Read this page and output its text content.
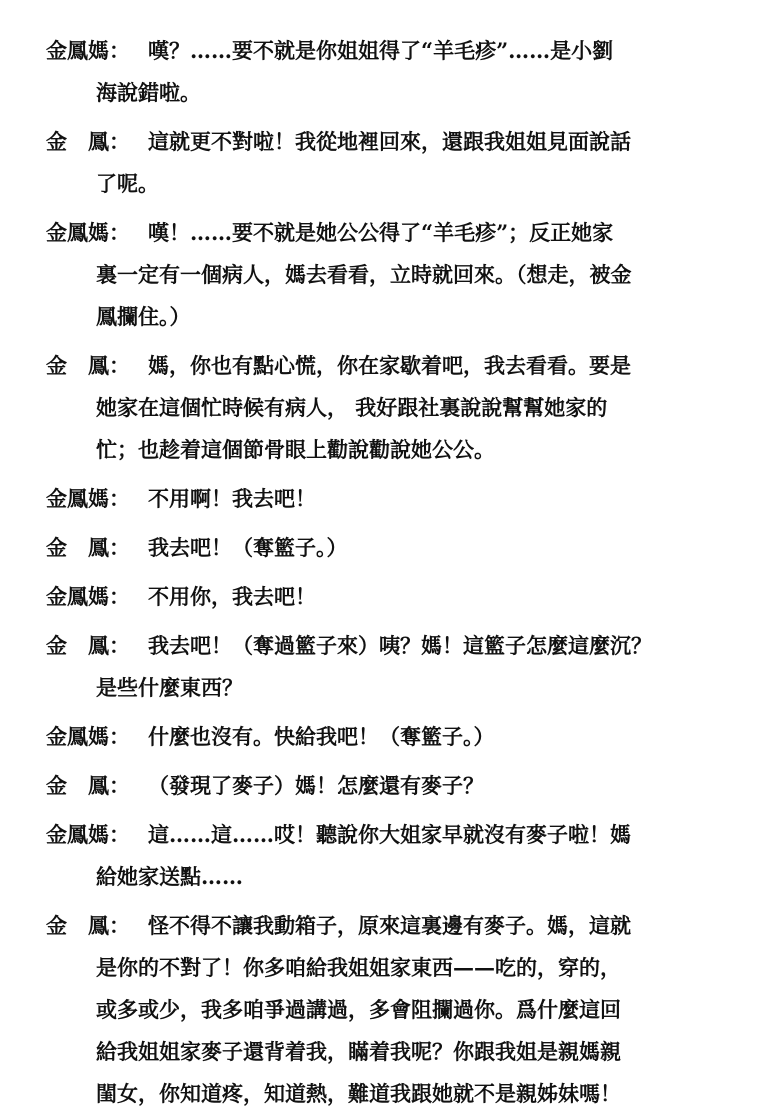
金鳳媽： 嘆？……要不就是你姐姐得了“羊毛疹”……是小劉
海說錯啦。
金　鳳： 這就更不對啦！我從地裡回來，還跟我姐姐見面說話
了呢。
金鳳媽： 嘆！……要不就是她公公得了“羊毛疹”；反正她家
裏一定有一個病人，媽去看看，立時就回來。（想走，被金
鳳攔住。）
金　鳳： 媽，你也有點心慌，你在家歇着吧，我去看看。要是
她家在這個忙時候有病人， 我好跟社裏說說幫幫她家的
忙；也趁着這個節骨眼上勸說勸說她公公。
金鳳媽： 不用啊！我去吧！
金　鳳： 我去吧！（奪籃子。）
金鳳媽： 不用你，我去吧！
金　鳳： 我去吧！（奪過籃子來）咦？媽！這籃子怎麼這麼沉？
是些什麼東西？
金鳳媽： 什麼也沒有。快給我吧！（奪籃子。）
金　鳳： （發現了麥子）媽！怎麼還有麥子？
金鳳媽： 這……這……哎！聽說你大姐家早就沒有麥子啦！媽
給她家送點……
金　鳳： 怪不得不讓我動箱子，原來這裏邊有麥子。媽，這就
是你的不對了！你多咱給我姐姐家東西——吃的，穿的，
或多或少，我多咱爭過講過，多會阻攔過你。爲什麼這回
給我姐姐家麥子還背着我，瞞着我呢？你跟我姐是親媽親
閨女，你知道疼，知道熱，難道我跟她就不是親姊妹嗎！
